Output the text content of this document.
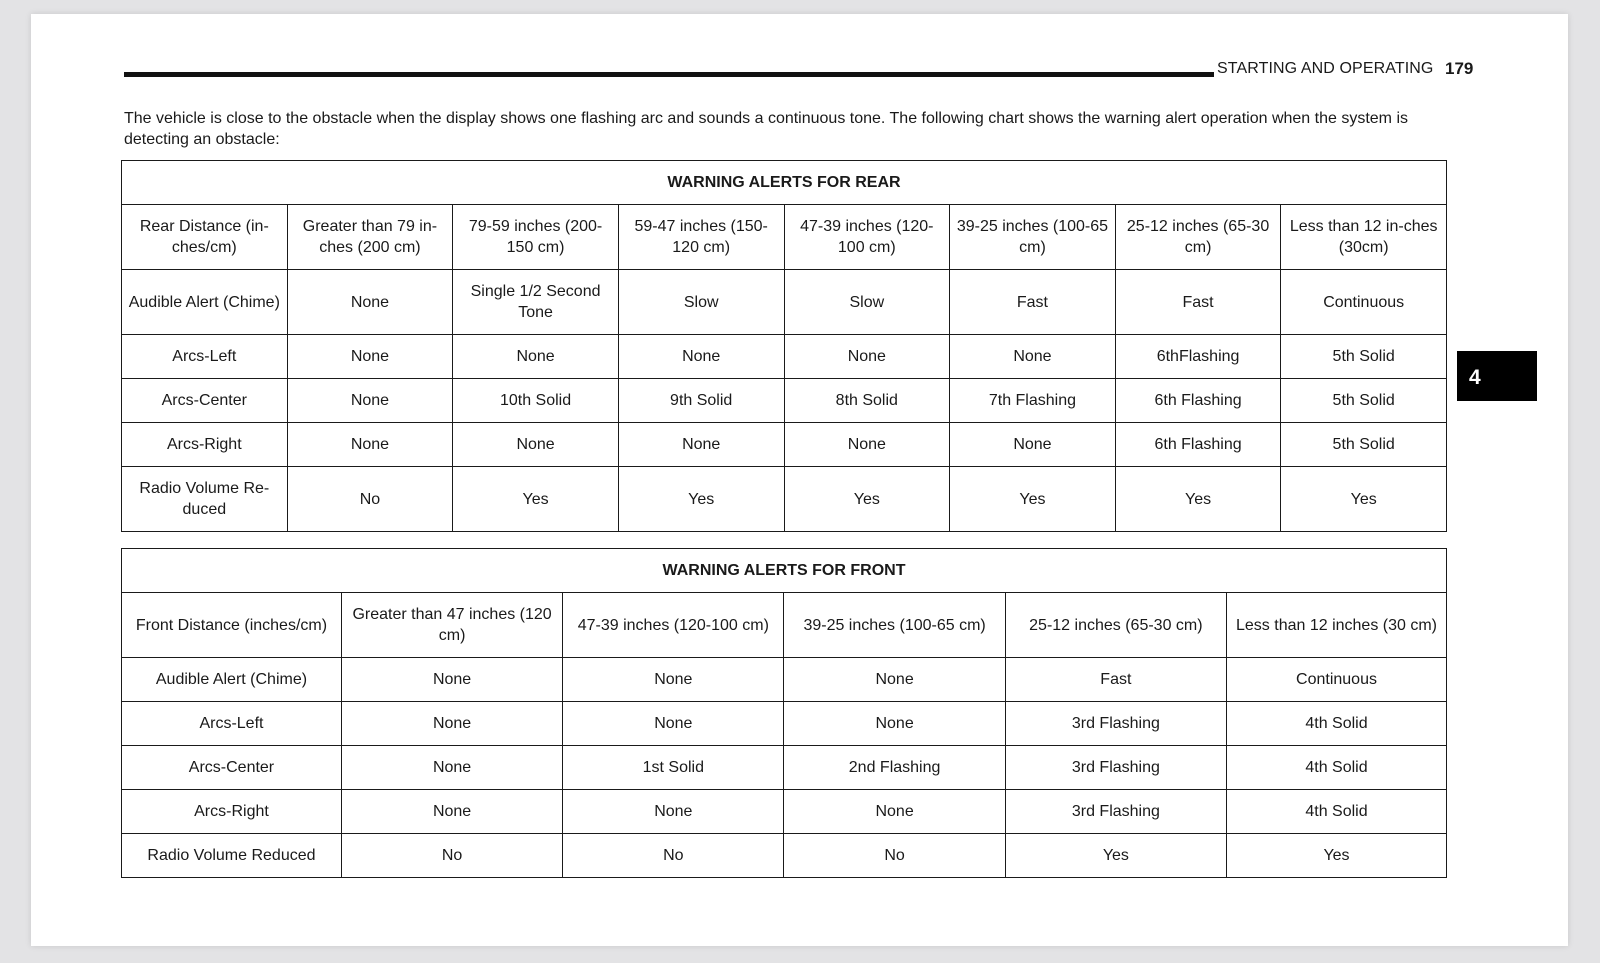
STARTING AND OPERATING 179
The vehicle is close to the obstacle when the display shows one flashing arc and sounds a continuous tone. The following chart shows the warning alert operation when the system is detecting an obstacle:
WARNING ALERTS FOR REAR							
Rear Distance (in-ches/cm)	Greater than 79 in-ches (200 cm)	79-59 inches (200-150 cm)	59-47 inches (150-120 cm)	47-39 inches (120-100 cm)	39-25 inches (100-65 cm)	25-12 inches (65-30 cm)	Less than 12 in-ches (30cm)
Audible Alert (Chime)	None	Single 1/2 Second Tone	Slow	Slow	Fast	Fast	Continuous
Arcs-Left	None	None	None	None	None	6thFlashing	5th Solid
Arcs-Center	None	10th Solid	9th Solid	8th Solid	7th Flashing	6th Flashing	5th Solid
Arcs-Right	None	None	None	None	None	6th Flashing	5th Solid
Radio Volume Re-duced	No	Yes	Yes	Yes	Yes	Yes	Yes
WARNING ALERTS FOR FRONT					
Front Distance (inches/cm)	Greater than 47 inches (120 cm)	47-39 inches (120-100 cm)	39-25 inches (100-65 cm)	25-12 inches (65-30 cm)	Less than 12 inches (30 cm)
Audible Alert (Chime)	None	None	None	Fast	Continuous
Arcs-Left	None	None	None	3rd Flashing	4th Solid
Arcs-Center	None	1st Solid	2nd Flashing	3rd Flashing	4th Solid
Arcs-Right	None	None	None	3rd Flashing	4th Solid
Radio Volume Reduced	No	No	No	Yes	Yes
4
